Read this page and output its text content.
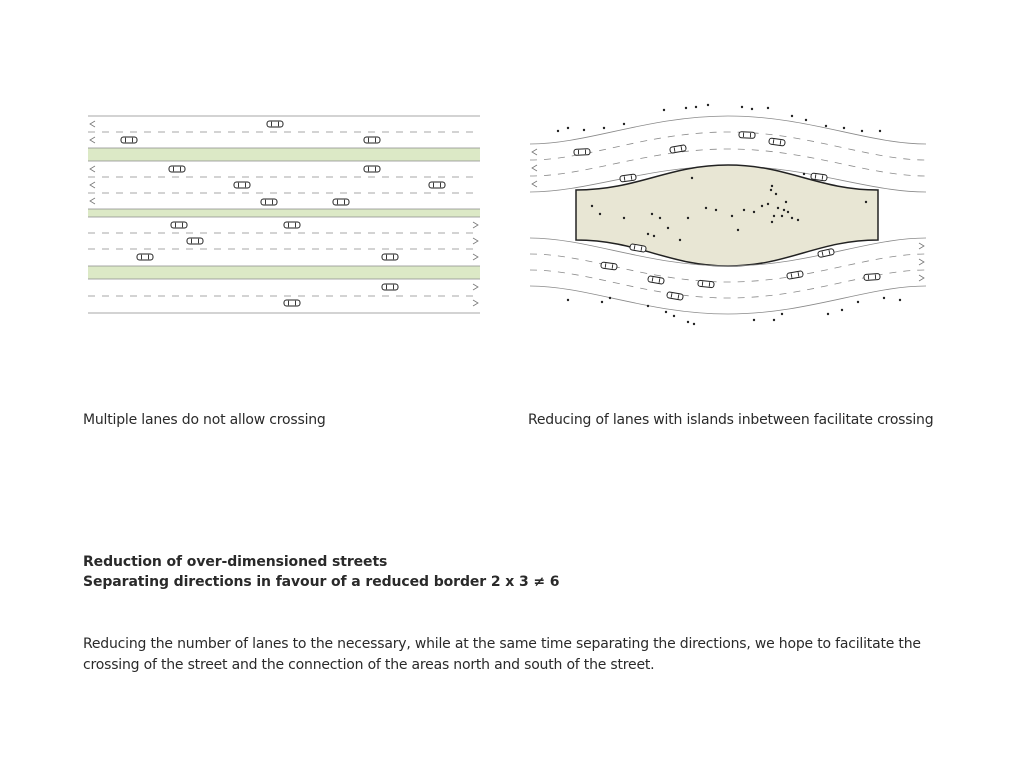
Multiple lanes do not allow crossing	Reducing of lanes with islands inbetween facilitate crossing
Reduction of over-dimensioned streets
Separating directions in favour of a reduced border 2 x 3 ≠ 6
Reducing the number of lanes to the necessary, while at the same time separating the directions, we hope to facilitate the crossing of the street and the connection of the areas north and south of the street.
